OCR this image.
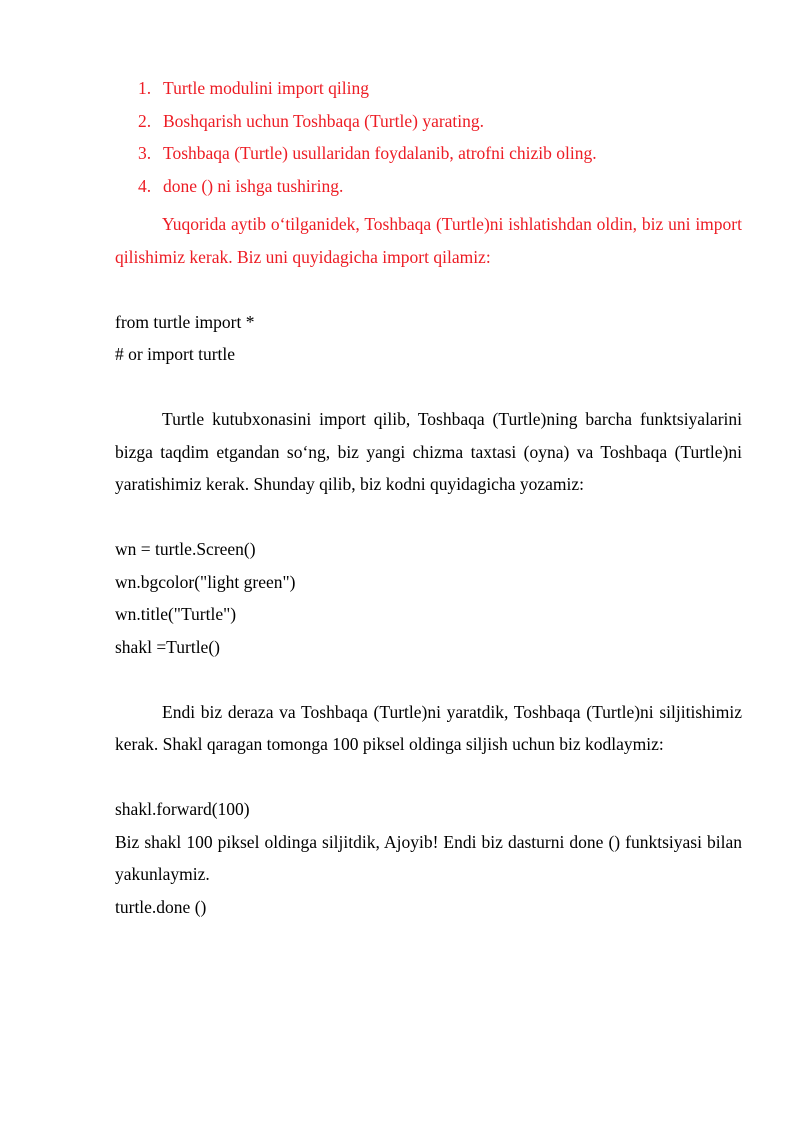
1. Turtle modulini import qiling
2. Boshqarish uchun Toshbaqa (Turtle) yarating.
3. Toshbaqa (Turtle) usullaridan foydalanib, atrofni chizib oling.
4. done () ni ishga tushiring.

Yuqorida aytib o‘tilganidek, Toshbaqa (Turtle)ni ishlatishdan oldin, biz uni import qilishimiz kerak. Biz uni quyidagicha import qilamiz:

from turtle import *
# or import turtle

Turtle kutubxonasini import qilib, Toshbaqa (Turtle)ning barcha funktsiyalarini bizga taqdim etgandan so‘ng, biz yangi chizma taxtasi (oyna) va Toshbaqa (Turtle)ni yaratishimiz kerak. Shunday qilib, biz kodni quyidagicha yozamiz:

wn = turtle.Screen()
wn.bgcolor("light green")
wn.title("Turtle")
shakl =Turtle()

Endi biz deraza va Toshbaqa (Turtle)ni yaratdik, Toshbaqa (Turtle)ni siljitishimiz kerak. Shakl qaragan tomonga 100 piksel oldinga siljish uchun biz kodlaymiz:

shakl.forward(100)

Biz shakl 100 piksel oldinga siljitdik, Ajoyib! Endi biz dasturni done () funktsiyasi bilan yakunlaymiz.

turtle.done ()
